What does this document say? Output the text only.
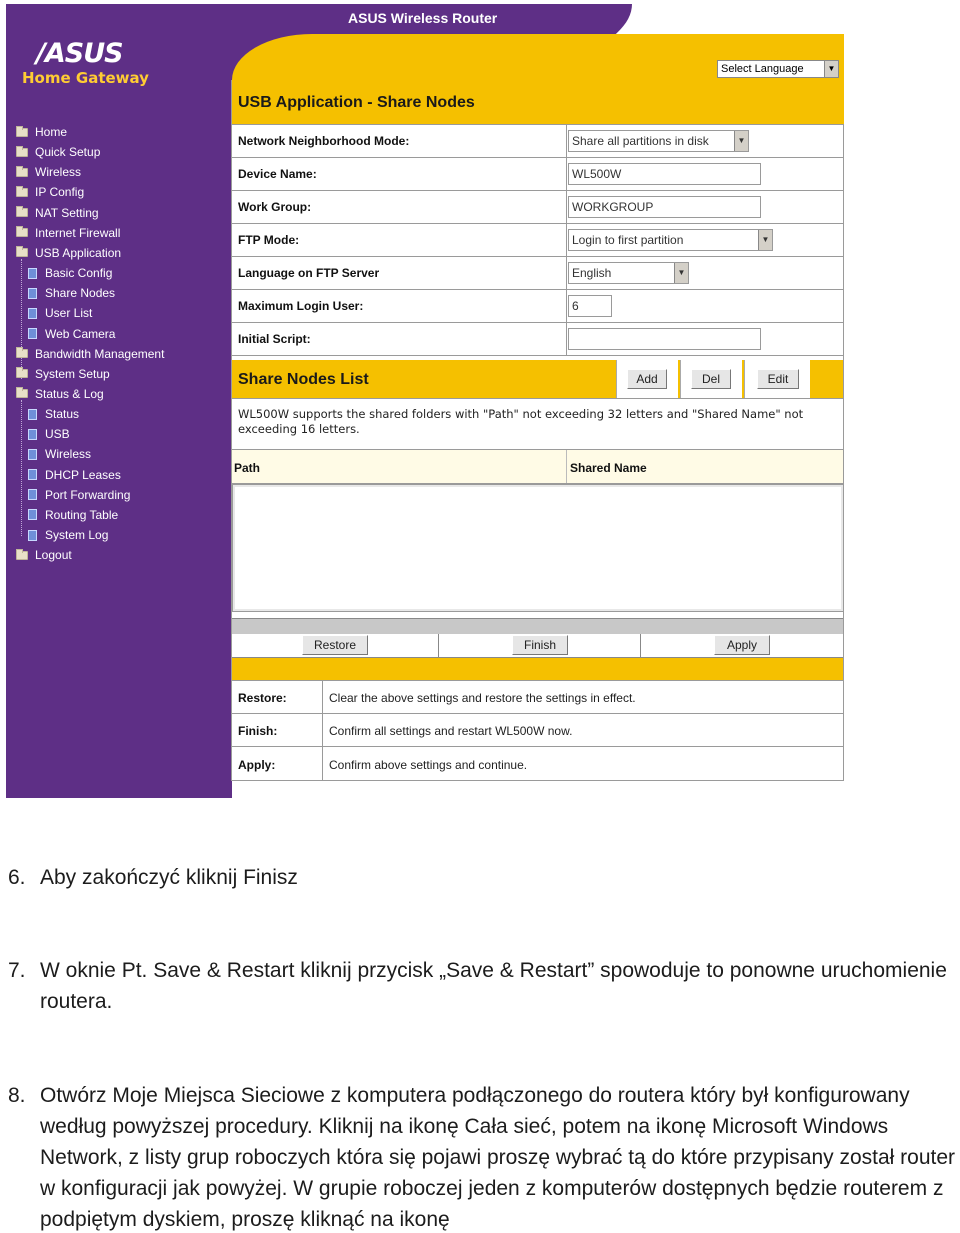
/ASUS
Home Gateway
Home
Quick Setup
Wireless
IP Config
NAT Setting
Internet Firewall
USB Application
Basic Config
Share Nodes
User List
Web Camera
Bandwidth Management
System Setup
Status & Log
Status
USB
Wireless
DHCP Leases
Port Forwarding
Routing Table
System Log
Logout
ASUS Wireless Router
Select Language	▼
USB Application - Share Nodes
Network Neighborhood Mode:	Share all partitions in disk	▼
Device Name:	WL500W
Work Group:	WORKGROUP
FTP Mode:	Login to first partition	▼
Language on FTP Server	English	▼
Maximum Login User:	6
Initial Script:
Share Nodes List	Add	Del	Edit
WL500W supports the shared folders with "Path" not exceeding 32 letters and "Shared Name" not exceeding 16 letters.
Path	Shared Name
Restore	Finish	Apply
Restore:	Clear the above settings and restore the settings in effect.
Finish:	Confirm all settings and restart WL500W now.
Apply:	Confirm above settings and continue.
6. Aby zakończyć kliknij Finisz
7. W oknie Pt. Save & Restart kliknij przycisk „Save & Restart” spowoduje to ponowne uruchomienie routera.
8. Otwórz Moje Miejsca Sieciowe z komputera podłączonego do routera który był konfigurowany według powyższej procedury. Kliknij na ikonę Cała sieć, potem na ikonę Microsoft Windows Network, z listy grup roboczych która się pojawi proszę wybrać tą do które przypisany został router w konfiguracji jak powyżej. W grupie roboczej jeden z komputerów dostępnych będzie routerem z podpiętym dyskiem, proszę kliknąć na ikonę
